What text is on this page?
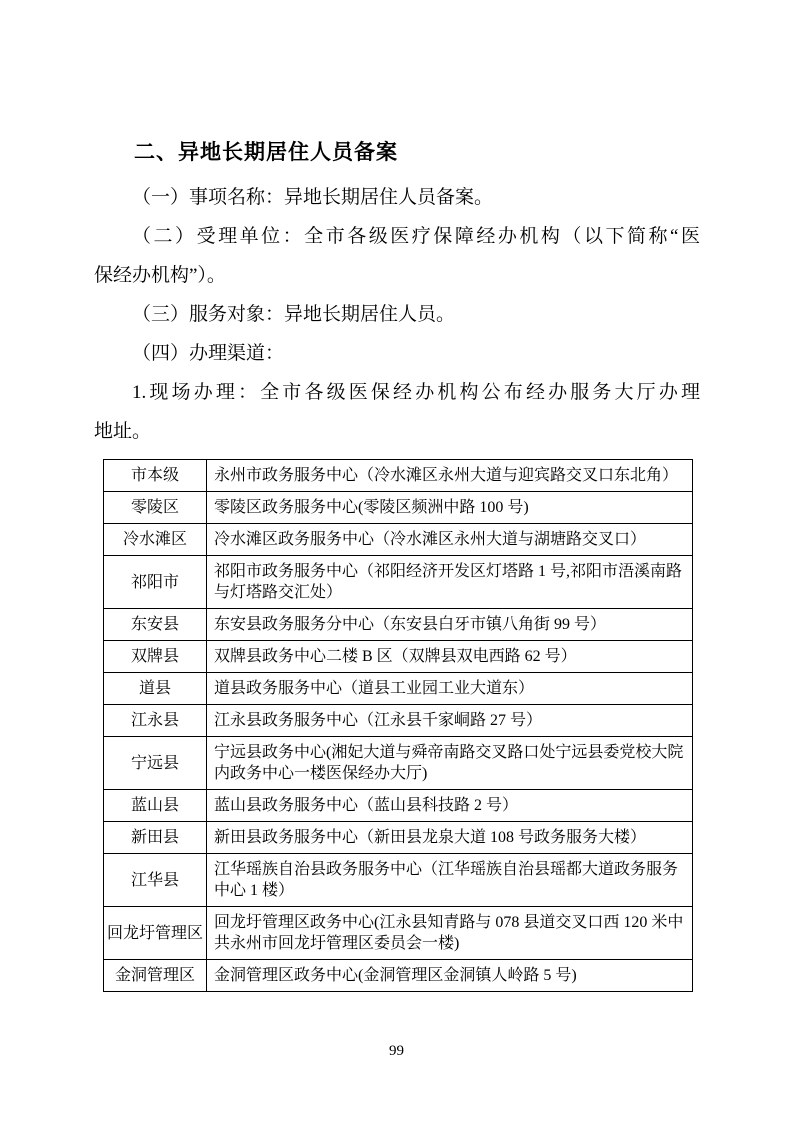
二、异地长期居住人员备案
（一）事项名称：异地长期居住人员备案。
（二）受理单位：全市各级医疗保障经办机构（以下简称“医
保经办机构”）。
（三）服务对象：异地长期居住人员。
（四）办理渠道：
1.现场办理：全市各级医保经办机构公布经办服务大厅办理
地址。
市本级	永州市政务服务中心（冷水滩区永州大道与迎宾路交叉口东北角）
零陵区	零陵区政务服务中心(零陵区频洲中路 100 号)
冷水滩区	冷水滩区政务服务中心（冷水滩区永州大道与湖塘路交叉口）
祁阳市	祁阳市政务服务中心（祁阳经济开发区灯塔路 1 号,祁阳市浯溪南路与灯塔路交汇处）
东安县	东安县政务服务分中心（东安县白牙市镇八角街 99 号）
双牌县	双牌县政务中心二楼 B 区（双牌县双电西路 62 号）
道县	道县政务服务中心（道县工业园工业大道东）
江永县	江永县政务服务中心（江永县千家峒路 27 号）
宁远县	宁远县政务中心(湘妃大道与舜帝南路交叉路口处宁远县委党校大院内政务中心一楼医保经办大厅)
蓝山县	蓝山县政务服务中心（蓝山县科技路 2 号）
新田县	新田县政务服务中心（新田县龙泉大道 108 号政务服务大楼）
江华县	江华瑶族自治县政务服务中心（江华瑶族自治县瑶都大道政务服务中心 1 楼）
回龙圩管理区	回龙圩管理区政务中心(江永县知青路与 078 县道交叉口西 120 米中共永州市回龙圩管理区委员会一楼)
金洞管理区	金洞管理区政务中心(金洞管理区金洞镇人岭路 5 号)
99
